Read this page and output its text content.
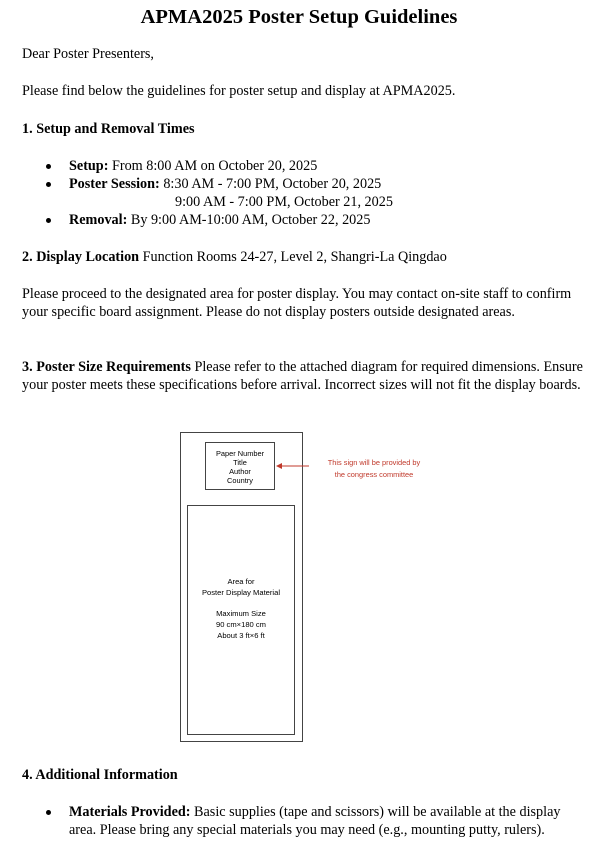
APMA2025 Poster Setup Guidelines
Dear Poster Presenters,
Please find below the guidelines for poster setup and display at APMA2025.
1. Setup and Removal Times
Setup: From 8:00 AM on October 20, 2025
Poster Session: 8:30 AM - 7:00 PM, October 20, 2025
9:00 AM - 7:00 PM, October 21, 2025
Removal: By 9:00 AM-10:00 AM, October 22, 2025
2. Display Location Function Rooms 24-27, Level 2, Shangri-La Qingdao
Please proceed to the designated area for poster display. You may contact on-site staff to confirm your specific board assignment. Please do not display posters outside designated areas.
3. Poster Size Requirements Please refer to the attached diagram for required dimensions. Ensure your poster meets these specifications before arrival. Incorrect sizes will not fit the display boards.
Paper Number
Title
Author
Country
Area for
Poster Display Material
Maximum Size
90 cm×180 cm
About 3 ft×6 ft
This sign will be provided by
the congress committee
4. Additional Information
Materials Provided: Basic supplies (tape and scissors) will be available at the display area. Please bring any special materials you may need (e.g., mounting putty, rulers).
